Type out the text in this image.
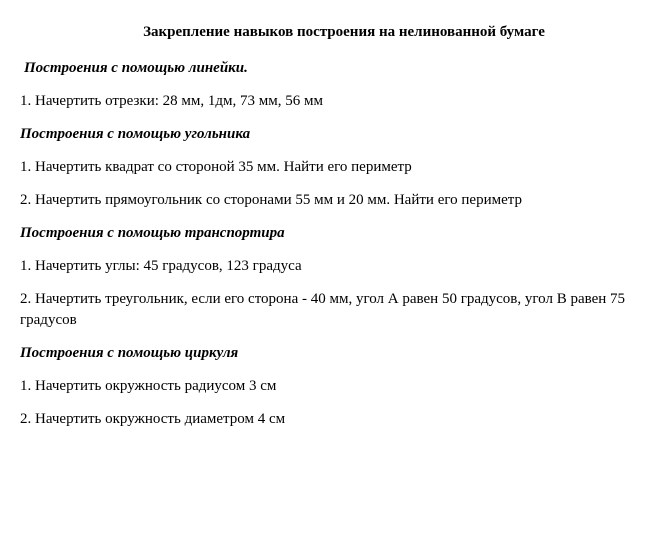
Закрепление навыков построения на нелинованной бумаге
Построения с помощью линейки.
1. Начертить отрезки: 28 мм, 1дм, 73 мм, 56 мм
Построения с помощью угольника
1. Начертить квадрат со стороной 35 мм. Найти его периметр
2. Начертить прямоугольник со сторонами 55 мм и 20 мм. Найти его периметр
Построения с помощью транспортира
1. Начертить углы: 45 градусов, 123 градуса
2. Начертить треугольник, если его сторона - 40 мм, угол А равен 50 градусов, угол В равен 75 градусов
Построения с помощью циркуля
1. Начертить окружность радиусом 3 см
2. Начертить окружность диаметром 4 см
